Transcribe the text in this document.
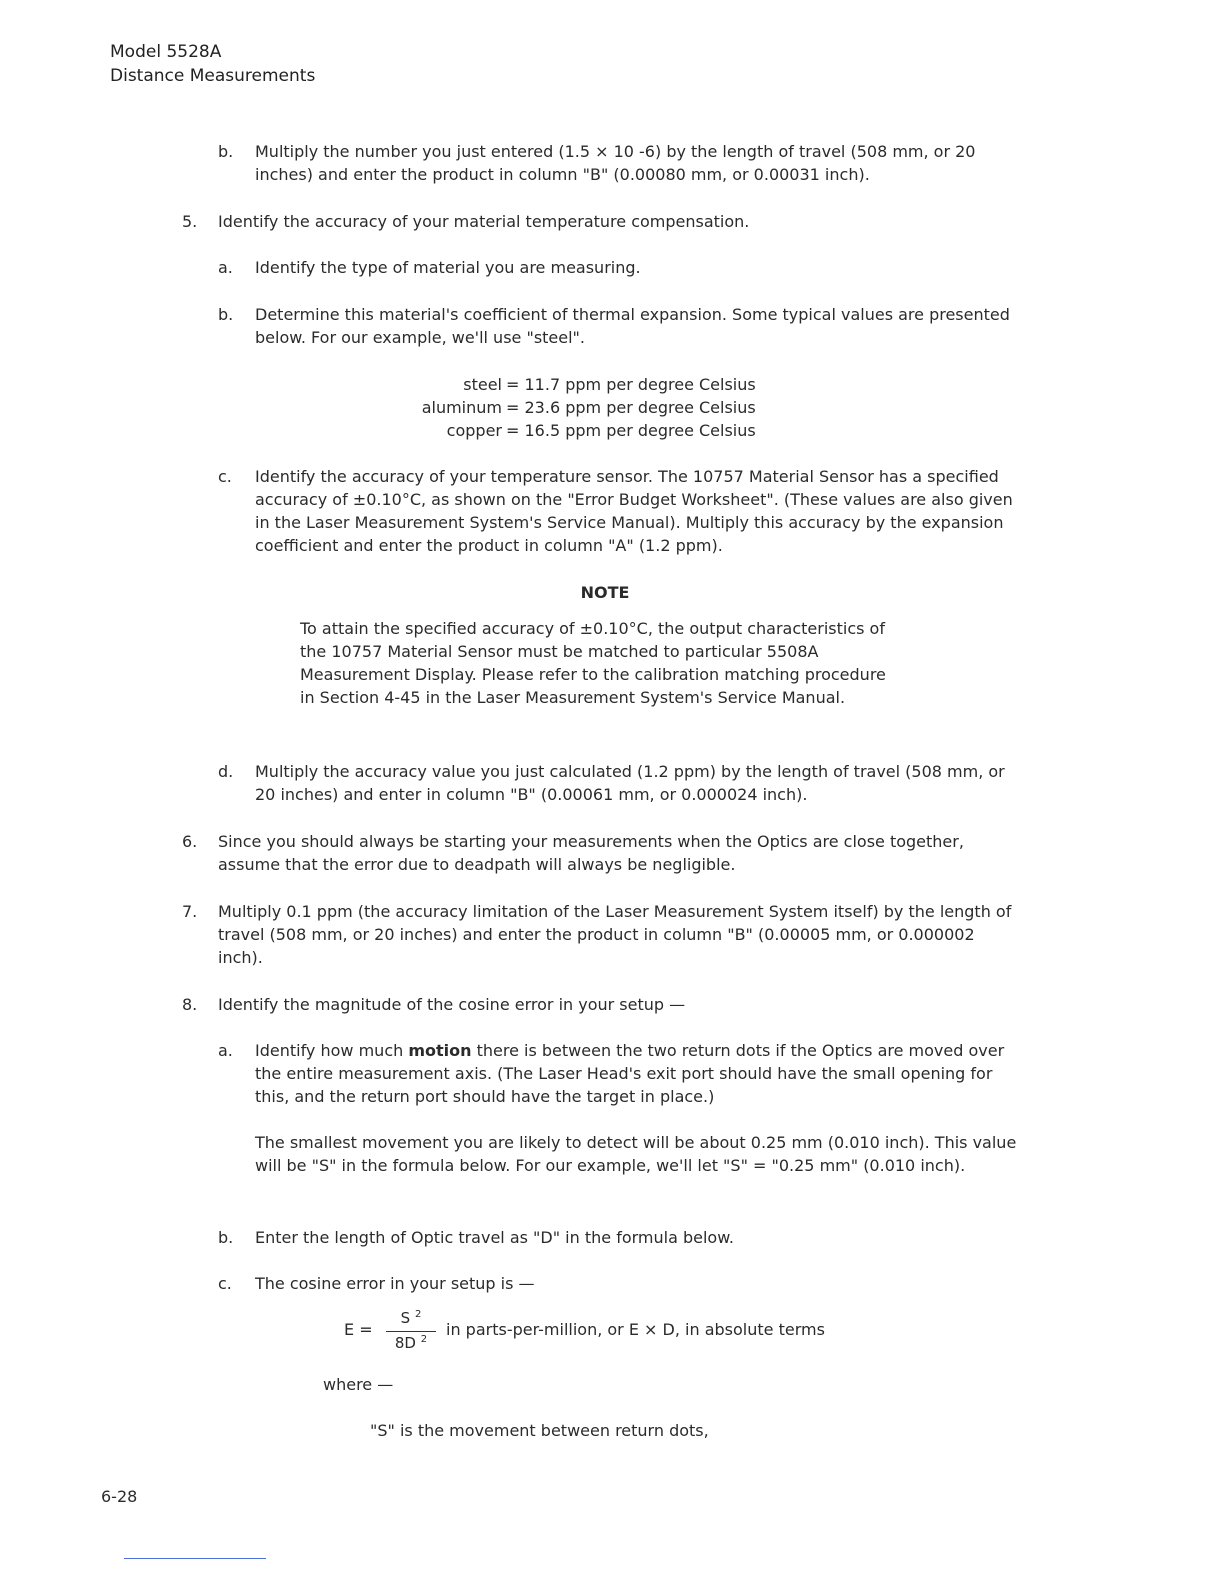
Model 5528A
Distance Measurements
b. Multiply the number you just entered (1.5 × 10 -6) by the length of travel (508 mm, or 20 inches) and enter the product in column "B" (0.00080 mm, or 0.00031 inch).
5. Identify the accuracy of your material temperature compensation.
a. Identify the type of material you are measuring.
b. Determine this material's coefficient of thermal expansion. Some typical values are presented below. For our example, we'll use "steel".
steel = 11.7 ppm per degree Celsius
aluminum = 23.6 ppm per degree Celsius
copper = 16.5 ppm per degree Celsius
c. Identify the accuracy of your temperature sensor. The 10757 Material Sensor has a specified accuracy of ±0.10°C, as shown on the "Error Budget Worksheet". (These values are also given in the Laser Measurement System's Service Manual). Multiply this accuracy by the expansion coefficient and enter the product in column "A" (1.2 ppm).
NOTE
To attain the specified accuracy of ±0.10°C, the output characteristics of the 10757 Material Sensor must be matched to particular 5508A Measurement Display. Please refer to the calibration matching procedure in Section 4-45 in the Laser Measurement System's Service Manual.
d. Multiply the accuracy value you just calculated (1.2 ppm) by the length of travel (508 mm, or 20 inches) and enter in column "B" (0.00061 mm, or 0.000024 inch).
6. Since you should always be starting your measurements when the Optics are close together, assume that the error due to deadpath will always be negligible.
7. Multiply 0.1 ppm (the accuracy limitation of the Laser Measurement System itself) by the length of travel (508 mm, or 20 inches) and enter the product in column "B" (0.00005 mm, or 0.000002 inch).
8. Identify the magnitude of the cosine error in your setup —
a. Identify how much motion there is between the two return dots if the Optics are moved over the entire measurement axis. (The Laser Head's exit port should have the small opening for this, and the return port should have the target in place.)
The smallest movement you are likely to detect will be about 0.25 mm (0.010 inch). This value will be "S" in the formula below. For our example, we'll let "S" = "0.25 mm" (0.010 inch).
b. Enter the length of Optic travel as "D" in the formula below.
c. The cosine error in your setup is —
E =
S $^2$
8D $^2$
in parts-per-million, or E × D, in absolute terms
where —
"S" is the movement between return dots,
6-28
